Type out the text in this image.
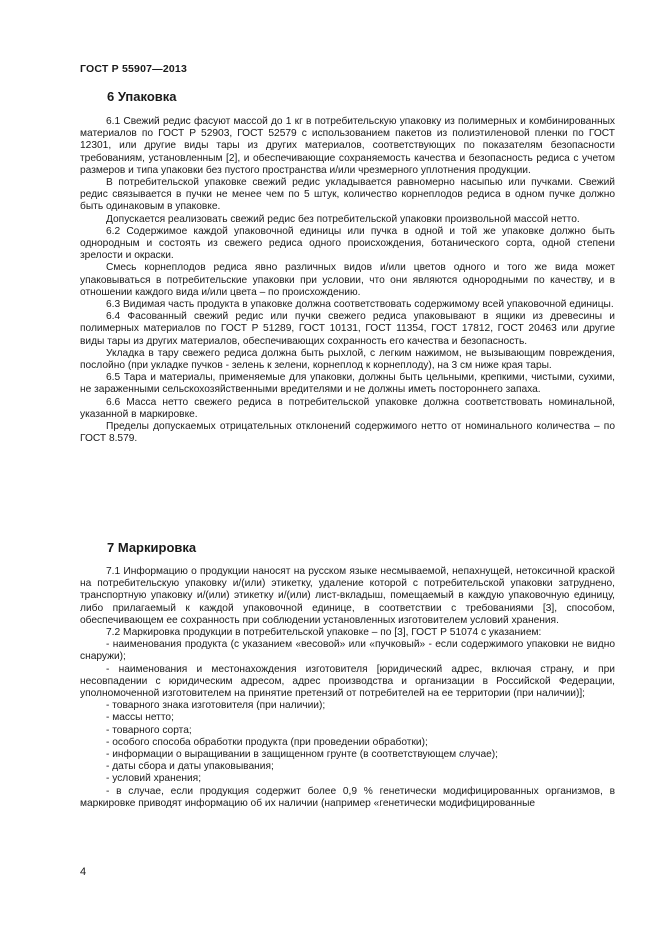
ГОСТ Р 55907—2013
6 Упаковка

6.1 Свежий редис фасуют массой до 1 кг в потребительскую упаковку из полимерных и комбинированных материалов по ГОСТ Р 52903, ГОСТ 52579 с использованием пакетов из полиэтиленовой пленки по ГОСТ 12301, или другие виды тары из других материалов, соответствующих по показателям безопасности требованиям, установленным [2], и обеспечивающие сохраняемость качества и безопасность редиса с учетом размеров и типа упаковки без пустого пространства и/или чрезмерного уплотнения продукции.

В потребительской упаковке свежий редис укладывается равномерно насыпью или пучками. Свежий редис связывается в пучки не менее чем по 5 штук, количество корнеплодов редиса в одном пучке должно быть одинаковым в упаковке.

Допускается реализовать свежий редис без потребительской упаковки произвольной массой нетто.

6.2 Содержимое каждой упаковочной единицы или пучка в одной и той же упаковке должно быть однородным и состоять из свежего редиса одного происхождения, ботанического сорта, одной степени зрелости и окраски.

Смесь корнеплодов редиса явно различных видов и/или цветов одного и того же вида может упаковываться в потребительские упаковки при условии, что они являются однородными по качеству, и в отношении каждого вида и/или цвета – по происхождению.

6.3 Видимая часть продукта в упаковке должна соответствовать содержимому всей упаковочной единицы.

6.4 Фасованный свежий редис или пучки свежего редиса упаковывают в ящики из древесины и полимерных материалов по ГОСТ Р 51289, ГОСТ 10131, ГОСТ 11354, ГОСТ 17812, ГОСТ 20463 или другие виды тары из других материалов, обеспечивающих сохранность его качества и безопасность.

Укладка в тару свежего редиса должна быть рыхлой, с легким нажимом, не вызывающим повреждения, послойно (при укладке пучков - зелень к зелени, корнеплод к корнеплоду), на 3 см ниже края тары.

6.5 Тара и материалы, применяемые для упаковки, должны быть цельными, крепкими, чистыми, сухими, не зараженными сельскохозяйственными вредителями и не должны иметь постороннего запаха.

6.6 Масса нетто свежего редиса в потребительской упаковке должна соответствовать номинальной, указанной в маркировке.

Пределы допускаемых отрицательных отклонений содержимого нетто от номинального количества – по ГОСТ 8.579.

7 Маркировка

7.1 Информацию о продукции наносят на русском языке несмываемой, непахнущей, нетоксичной краской на потребительскую упаковку и/(или) этикетку, удаление которой с потребительской упаковки затруднено, транспортную упаковку и/(или) этикетку и/(или) лист-вкладыш, помещаемый в каждую упаковочную единицу, либо прилагаемый к каждой упаковочной единице, в соответствии с требованиями [3], способом, обеспечивающем ее сохранность при соблюдении установленных изготовителем условий хранения.

7.2 Маркировка продукции в потребительской упаковке – по [3], ГОСТ Р 51074 с указанием:

- наименования продукта (с указанием «весовой» или «пучковый» - если содержимого упаковки не видно снаружи);

- наименования и местонахождения изготовителя [юридический адрес, включая страну, и при несовпадении с юридическим адресом, адрес производства и организации в Российской Федерации, уполномоченной изготовителем на принятие претензий от потребителей на ее территории (при наличии)];

- товарного знака изготовителя (при наличии);

- массы нетто;

- товарного сорта;

- особого способа обработки продукта (при проведении обработки);

- информации о выращивании в защищенном грунте (в соответствующем случае);

- даты сбора и даты упаковывания;

- условий хранения;

- в случае, если продукция содержит более 0,9 % генетически модифицированных организмов, в маркировке приводят информацию об их наличии (например «генетически модифицированные

4
